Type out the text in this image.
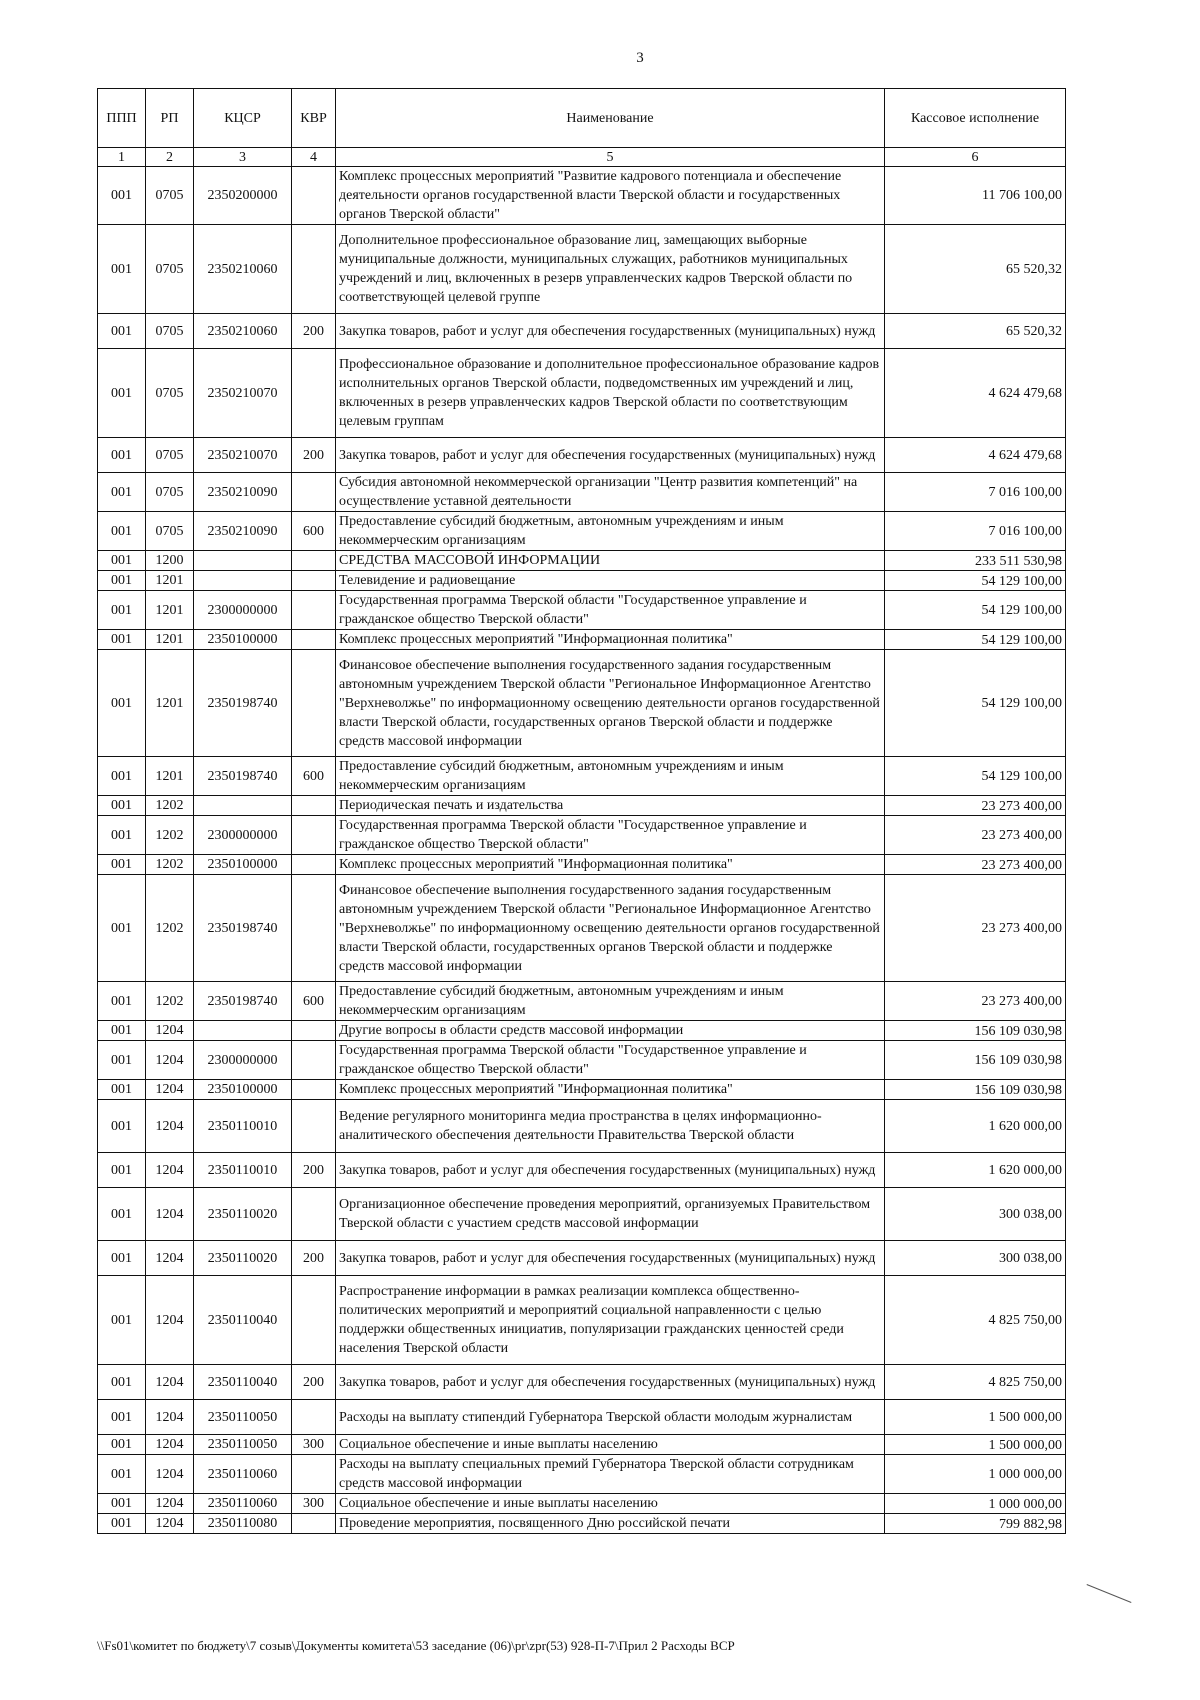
3
ППП	РП	КЦСР	КВР	Наименование	Кассовое исполнение
1	2	3	4	5	6
001	0705	2350200000		Комплекс процессных мероприятий "Развитие кадрового потенциала и обеспечение деятельности органов государственной власти Тверской области и государственных органов Тверской области"	11 706 100,00
001	0705	2350210060		Дополнительное профессиональное образование лиц, замещающих выборные муниципальные должности, муниципальных служащих, работников муниципальных учреждений и лиц, включенных в резерв управленческих кадров Тверской области по соответствующей целевой группе	65 520,32
001	0705	2350210060	200	Закупка товаров, работ и услуг для обеспечения государственных (муниципальных) нужд	65 520,32
001	0705	2350210070		Профессиональное образование и дополнительное профессиональное образование кадров исполнительных органов Тверской области, подведомственных им учреждений и лиц, включенных в резерв управленческих кадров Тверской области по соответствующим целевым группам	4 624 479,68
001	0705	2350210070	200	Закупка товаров, работ и услуг для обеспечения государственных (муниципальных) нужд	4 624 479,68
001	0705	2350210090		Субсидия автономной некоммерческой организации "Центр развития компетенций" на осуществление уставной деятельности	7 016 100,00
001	0705	2350210090	600	Предоставление субсидий бюджетным, автономным учреждениям и иным некоммерческим организациям	7 016 100,00
001	1200			СРЕДСТВА МАССОВОЙ ИНФОРМАЦИИ	233 511 530,98
001	1201			Телевидение и радиовещание	54 129 100,00
001	1201	2300000000		Государственная программа Тверской области "Государственное управление и гражданское общество Тверской области"	54 129 100,00
001	1201	2350100000		Комплекс процессных мероприятий "Информационная политика"	54 129 100,00
001	1201	2350198740		Финансовое обеспечение выполнения государственного задания государственным автономным учреждением Тверской области "Региональное Информационное Агентство "Верхневолжье" по информационному освещению деятельности органов государственной власти Тверской области, государственных органов Тверской области и поддержке средств массовой информации	54 129 100,00
001	1201	2350198740	600	Предоставление субсидий бюджетным, автономным учреждениям и иным некоммерческим организациям	54 129 100,00
001	1202			Периодическая печать и издательства	23 273 400,00
001	1202	2300000000		Государственная программа Тверской области "Государственное управление и гражданское общество Тверской области"	23 273 400,00
001	1202	2350100000		Комплекс процессных мероприятий "Информационная политика"	23 273 400,00
001	1202	2350198740		Финансовое обеспечение выполнения государственного задания государственным автономным учреждением Тверской области "Региональное Информационное Агентство "Верхневолжье" по информационному освещению деятельности органов государственной власти Тверской области, государственных органов Тверской области и поддержке средств массовой информации	23 273 400,00
001	1202	2350198740	600	Предоставление субсидий бюджетным, автономным учреждениям и иным некоммерческим организациям	23 273 400,00
001	1204			Другие вопросы в области средств массовой информации	156 109 030,98
001	1204	2300000000		Государственная программа Тверской области "Государственное управление и гражданское общество Тверской области"	156 109 030,98
001	1204	2350100000		Комплекс процессных мероприятий "Информационная политика"	156 109 030,98
001	1204	2350110010		Ведение регулярного мониторинга медиа пространства в целях информационно-аналитического обеспечения деятельности Правительства Тверской области	1 620 000,00
001	1204	2350110010	200	Закупка товаров, работ и услуг для обеспечения государственных (муниципальных) нужд	1 620 000,00
001	1204	2350110020		Организационное обеспечение проведения мероприятий, организуемых Правительством Тверской области с участием средств массовой информации	300 038,00
001	1204	2350110020	200	Закупка товаров, работ и услуг для обеспечения государственных (муниципальных) нужд	300 038,00
001	1204	2350110040		Распространение информации в рамках реализации комплекса общественно-политических мероприятий и мероприятий социальной направленности с целью поддержки общественных инициатив, популяризации гражданских ценностей среди населения Тверской области	4 825 750,00
001	1204	2350110040	200	Закупка товаров, работ и услуг для обеспечения государственных (муниципальных) нужд	4 825 750,00
001	1204	2350110050		Расходы на выплату стипендий Губернатора Тверской области молодым журналистам	1 500 000,00
001	1204	2350110050	300	Социальное обеспечение и иные выплаты населению	1 500 000,00
001	1204	2350110060		Расходы на выплату специальных премий Губернатора Тверской области сотрудникам средств массовой информации	1 000 000,00
001	1204	2350110060	300	Социальное обеспечение и иные выплаты населению	1 000 000,00
001	1204	2350110080		Проведение мероприятия, посвященного Дню российской печати	799 882,98
\\Fs01\комитет по бюджету\7 созыв\Документы комитета\53 заседание (06)\pr\zpr(53) 928-П-7\Прил 2 Расходы ВСР
